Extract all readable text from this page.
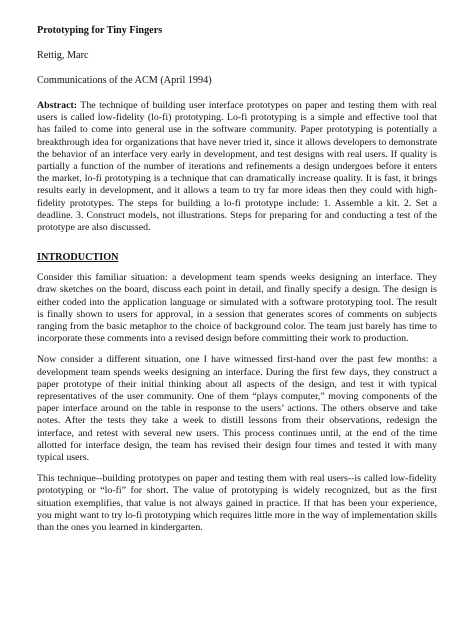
Prototyping for Tiny Fingers

Rettig, Marc

Communications of the ACM (April 1994)

Abstract: The technique of building user interface prototypes on paper and testing them with real users is called low-fidelity (lo-fi) prototyping. Lo-fi prototyping is a simple and effective tool that has failed to come into general use in the software community. Paper prototyping is potentially a breakthrough idea for organizations that have never tried it, since it allows developers to demonstrate the behavior of an interface very early in development, and test designs with real users. If quality is partially a function of the number of iterations and refinements a design undergoes before it enters the market, lo-fi prototyping is a technique that can dramatically increase quality. It is fast, it brings results early in development, and it allows a team to try far more ideas then they could with high-fidelity prototypes. The steps for building a lo-fi prototype include: 1. Assemble a kit. 2. Set a deadline. 3. Construct models, not illustrations. Steps for preparing for and conducting a test of the prototype are also discussed.

INTRODUCTION

Consider this familiar situation: a development team spends weeks designing an interface. They draw sketches on the board, discuss each point in detail, and finally specify a design. The design is either coded into the application language or simulated with a software prototyping tool. The result is finally shown to users for approval, in a session that generates scores of comments on subjects ranging from the basic metaphor to the choice of background color. The team just barely has time to incorporate these comments into a revised design before committing their work to production.

Now consider a different situation, one I have witnessed first-hand over the past few months: a development team spends weeks designing an interface. During the first few days, they construct a paper prototype of their initial thinking about all aspects of the design, and test it with typical representatives of the user community. One of them “plays computer,” moving components of the paper interface around on the table in response to the users’ actions. The others observe and take notes. After the tests they take a week to distill lessons from their observations, redesign the interface, and retest with several new users. This process continues until, at the end of the time allotted for interface design, the team has revised their design four times and tested it with many typical users.

This technique--building prototypes on paper and testing them with real users--is called low-fidelity prototyping or “lo-fi” for short. The value of prototyping is widely recognized, but as the first situation exemplifies, that value is not always gained in practice. If that has been your experience, you might want to try lo-fi prototyping which requires little more in the way of implementation skills than the ones you learned in kindergarten.
